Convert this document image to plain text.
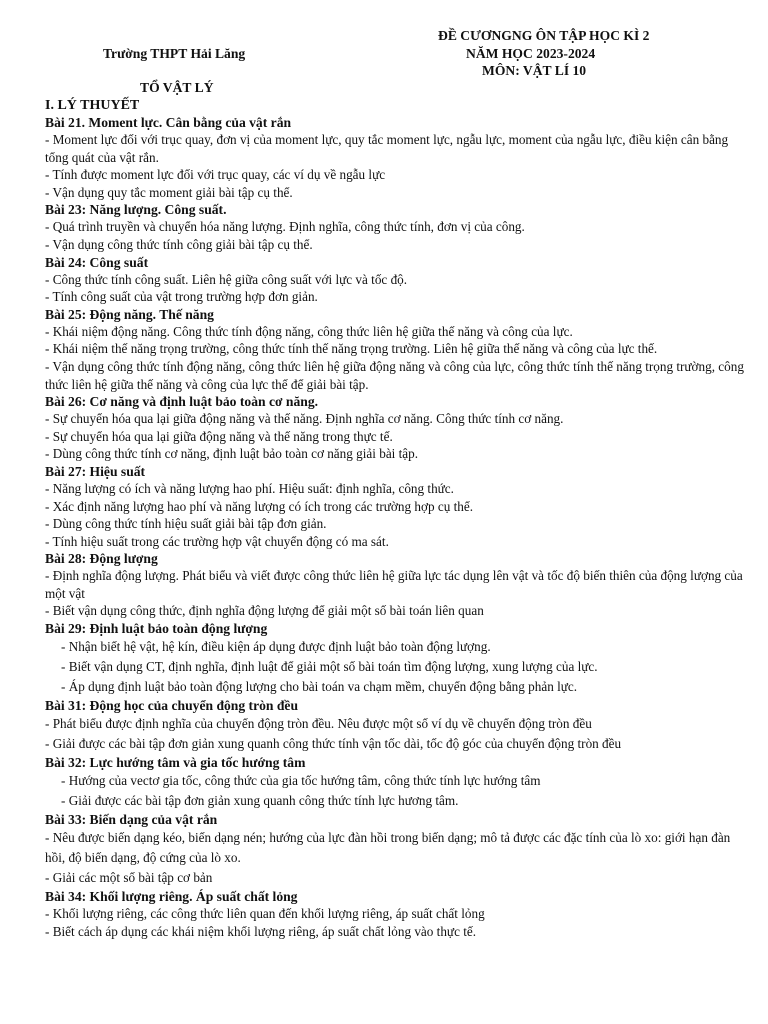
Trường THPT Hải Lăng
TỔ VẬT LÝ
ĐỀ CƯƠNGNG ÔN TẬP HỌC KÌ 2
NĂM HỌC 2023-2024
MÔN: VẬT LÍ 10
I. LÝ THUYẾT
Bài 21. Moment lực. Cân bằng của vật rắn
- Moment lực đối với trục quay, đơn vị của moment lực, quy tắc moment lực, ngẫu lực, moment của ngẫu lực, điều kiện cân bằng tổng quát của vật rắn.
- Tính được moment lực đối với trục quay, các ví dụ về ngẫu lực
- Vận dụng quy tắc moment giải bài tập cụ thể.
Bài 23: Năng lượng. Công suất.
- Quá trình truyền và chuyển hóa năng lượng. Định nghĩa, công thức tính, đơn vị của công.
- Vận dụng công thức tính công giải bài tập cụ thể.
Bài 24: Công suất
- Công thức tính công suất. Liên hệ giữa công suất với lực và tốc độ.
- Tính công suất của vật trong trường hợp đơn giản.
Bài 25: Động năng. Thế năng
- Khái niệm động năng. Công thức tính động năng, công thức liên hệ giữa thế năng và công của lực.
- Khái niệm thế năng trọng trường, công thức tính thế năng trọng trường. Liên hệ giữa thế năng và công của lực thế.
- Vận dụng công thức tính động năng, công thức liên hệ giữa động năng và công của lực, công thức tính thế năng trọng trường, công thức liên hệ giữa thế năng và công của lực thế để giải bài tập.
Bài 26: Cơ năng và định luật bảo toàn cơ năng.
- Sự chuyển hóa qua lại giữa động năng và thế năng. Định nghĩa cơ năng. Công thức tính cơ năng.
- Sự chuyển hóa qua lại giữa động năng và thế năng trong thực tế.
- Dùng công thức tính cơ năng, định luật bảo toàn cơ năng giải bài tập.
Bài 27: Hiệu suất
- Năng lượng có ích và năng lượng hao phí. Hiệu suất: định nghĩa, công thức.
- Xác định năng lượng hao phí và năng lượng có ích trong các trường hợp cụ thể.
- Dùng công thức tính hiệu suất giải bài tập đơn giản.
- Tính hiệu suất trong các trường hợp vật chuyển động có ma sát.
Bài 28: Động lượng
- Định nghĩa động lượng. Phát biểu và viết được công thức liên hệ giữa lực tác dụng lên vật và tốc độ biến thiên của động lượng của một vật
- Biết vận dụng công thức, định nghĩa động lượng để giải một số bài toán liên quan
Bài 29: Định luật bảo toàn động lượng
- Nhận biết hệ vật, hệ kín, điều kiện áp dụng được định luật bảo toàn động lượng.
- Biết vận dụng CT, định nghĩa, định luật để giải một số bài toán tìm động lượng, xung lượng của lực.
- Áp dụng định luật bảo toàn động lượng cho bài toán va chạm mềm, chuyển động bằng phản lực.
Bài 31: Động học của chuyển động tròn đều
- Phát biểu được định nghĩa của chuyển động tròn đều. Nêu được một số ví dụ về chuyển động tròn đều
- Giải được các bài tập đơn giản xung quanh công thức tính vận tốc dài, tốc độ góc của chuyển động tròn đều
Bài 32: Lực hướng tâm và gia tốc hướng tâm
- Hướng của vectơ gia tốc, công thức của gia tốc hướng tâm, công thức tính lực hướng tâm
- Giải được các bài tập đơn giản xung quanh công thức tính lực hương tâm.
Bài 33: Biến dạng của vật rắn
- Nêu được biến dạng kéo, biến dạng nén; hướng của lực đàn hồi trong biến dạng; mô tả được các đặc tính của lò xo: giới hạn đàn hồi, độ biến dạng, độ cứng của lò xo.
- Giải các một số bài tập cơ bản
Bài 34: Khối lượng riêng. Áp suất chất lỏng
- Khối lượng riêng, các công thức liên quan đến khối lượng riêng, áp suất chất lỏng
- Biết cách áp dụng các khái niệm khối lượng riêng, áp suất chất lỏng vào thực tế.
